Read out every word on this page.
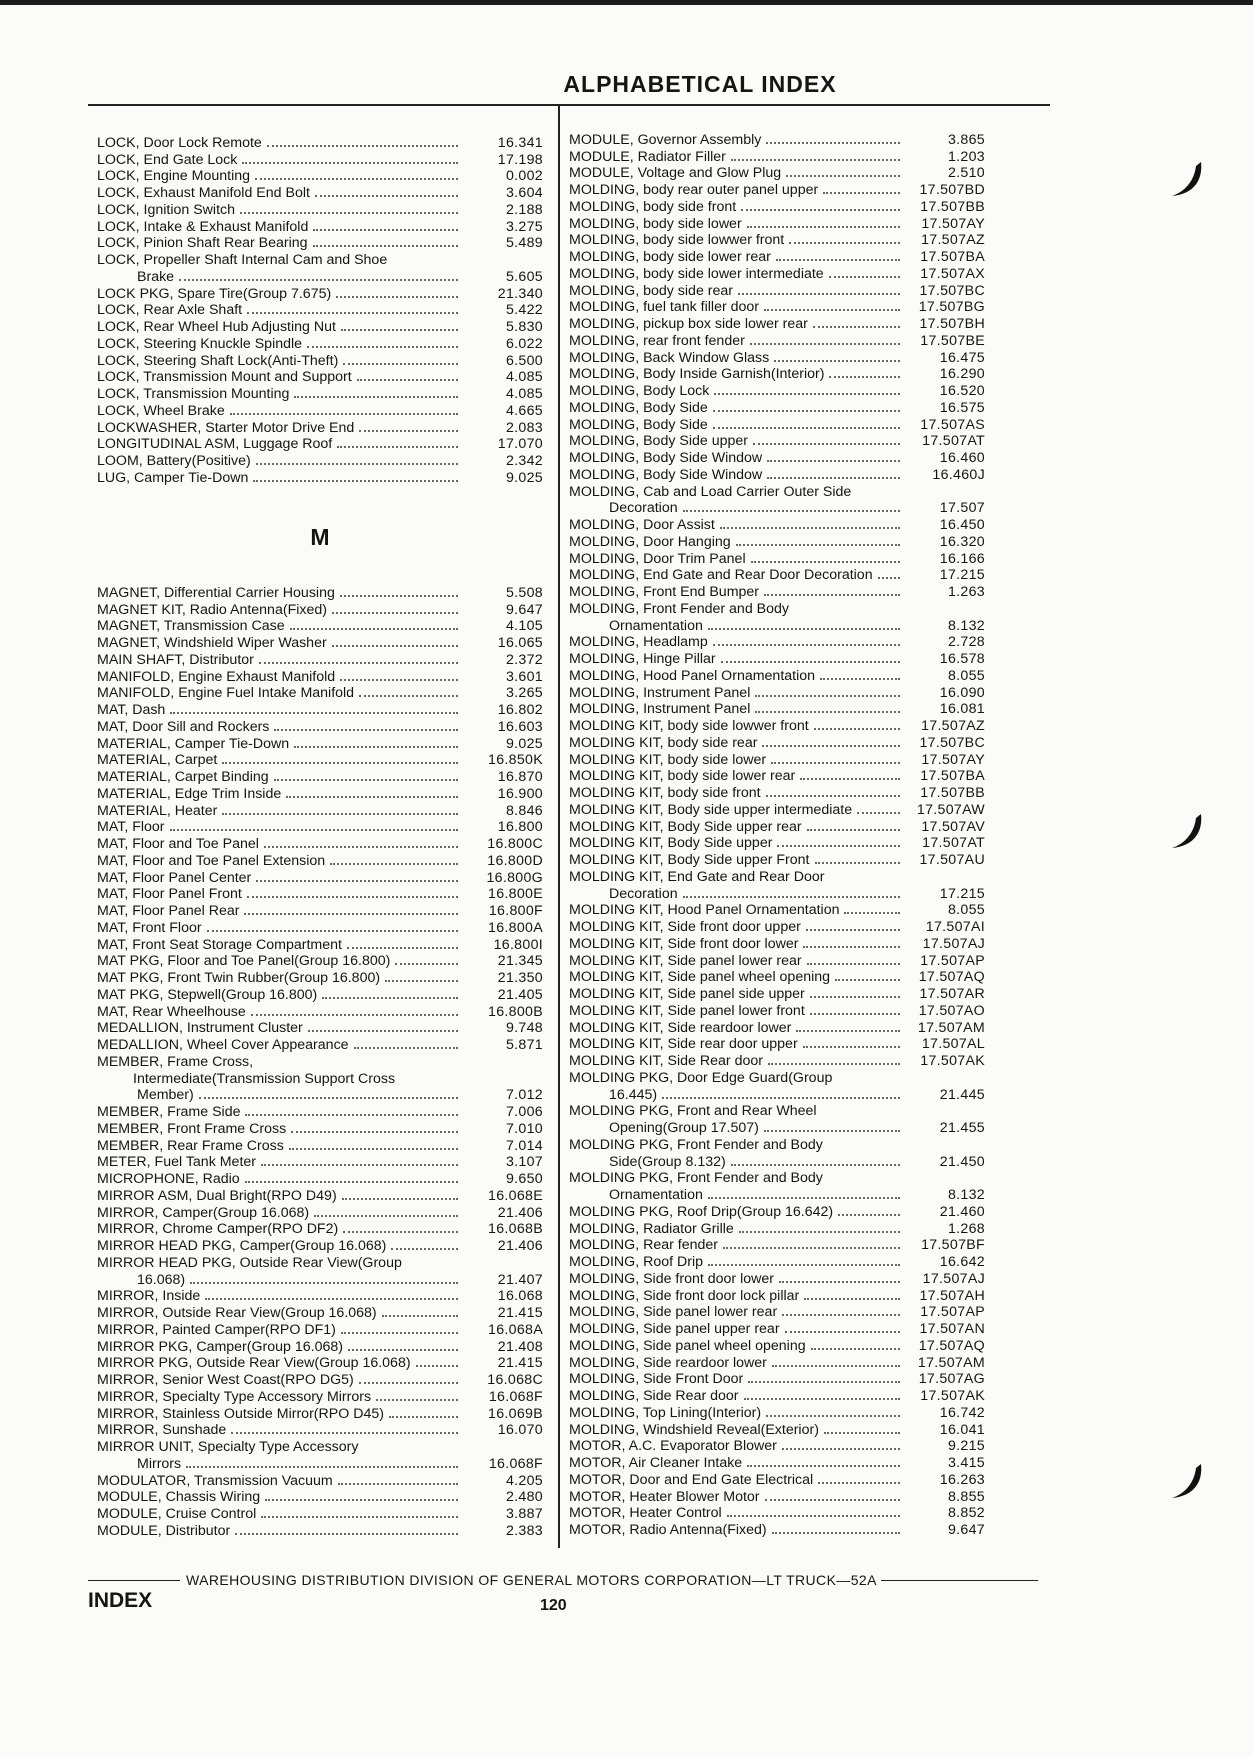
ALPHABETICAL INDEX
LOCK, Door Lock Remote	16.341
LOCK, End Gate Lock	17.198
LOCK, Engine Mounting	0.002
LOCK, Exhaust Manifold End Bolt	3.604
LOCK, Ignition Switch	2.188
LOCK, Intake & Exhaust Manifold	3.275
LOCK, Pinion Shaft Rear Bearing	5.489
LOCK, Propeller Shaft Internal Cam and Shoe
Brake	5.605
LOCK PKG, Spare Tire(Group 7.675)	21.340
LOCK, Rear Axle Shaft	5.422
LOCK, Rear Wheel Hub Adjusting Nut	5.830
LOCK, Steering Knuckle Spindle	6.022
LOCK, Steering Shaft Lock(Anti-Theft)	6.500
LOCK, Transmission Mount and Support	4.085
LOCK, Transmission Mounting	4.085
LOCK, Wheel Brake	4.665
LOCKWASHER, Starter Motor Drive End	2.083
LONGITUDINAL ASM, Luggage Roof	17.070
LOOM, Battery(Positive)	2.342
LUG, Camper Tie-Down	9.025
M
MAGNET, Differential Carrier Housing	5.508
MAGNET KIT, Radio Antenna(Fixed)	9.647
MAGNET, Transmission Case	4.105
MAGNET, Windshield Wiper Washer	16.065
MAIN SHAFT, Distributor	2.372
MANIFOLD, Engine Exhaust Manifold	3.601
MANIFOLD, Engine Fuel Intake Manifold	3.265
MAT, Dash	16.802
MAT, Door Sill and Rockers	16.603
MATERIAL, Camper Tie-Down	9.025
MATERIAL, Carpet	16.850K
MATERIAL, Carpet Binding	16.870
MATERIAL, Edge Trim Inside	16.900
MATERIAL, Heater	8.846
MAT, Floor	16.800
MAT, Floor and Toe Panel	16.800C
MAT, Floor and Toe Panel Extension	16.800D
MAT, Floor Panel Center	16.800G
MAT, Floor Panel Front	16.800E
MAT, Floor Panel Rear	16.800F
MAT, Front Floor	16.800A
MAT, Front Seat Storage Compartment	16.800I
MAT PKG, Floor and Toe Panel(Group 16.800)	21.345
MAT PKG, Front Twin Rubber(Group 16.800)	21.350
MAT PKG, Stepwell(Group 16.800)	21.405
MAT, Rear Wheelhouse	16.800B
MEDALLION, Instrument Cluster	9.748
MEDALLION, Wheel Cover Appearance	5.871
MEMBER, Frame Cross,
Intermediate(Transmission Support Cross
Member)	7.012
MEMBER, Frame Side	7.006
MEMBER, Front Frame Cross	7.010
MEMBER, Rear Frame Cross	7.014
METER, Fuel Tank Meter	3.107
MICROPHONE, Radio	9.650
MIRROR ASM, Dual Bright(RPO D49)	16.068E
MIRROR, Camper(Group 16.068)	21.406
MIRROR, Chrome Camper(RPO DF2)	16.068B
MIRROR HEAD PKG, Camper(Group 16.068)	21.406
MIRROR HEAD PKG, Outside Rear View(Group
16.068)	21.407
MIRROR, Inside	16.068
MIRROR, Outside Rear View(Group 16.068)	21.415
MIRROR, Painted Camper(RPO DF1)	16.068A
MIRROR PKG, Camper(Group 16.068)	21.408
MIRROR PKG, Outside Rear View(Group 16.068)	21.415
MIRROR, Senior West Coast(RPO DG5)	16.068C
MIRROR, Specialty Type Accessory Mirrors	16.068F
MIRROR, Stainless Outside Mirror(RPO D45)	16.069B
MIRROR, Sunshade	16.070
MIRROR UNIT, Specialty Type Accessory
Mirrors	16.068F
MODULATOR, Transmission Vacuum	4.205
MODULE, Chassis Wiring	2.480
MODULE, Cruise Control	3.887
MODULE, Distributor	2.383
MODULE, Governor Assembly	3.865
MODULE, Radiator Filler	1.203
MODULE, Voltage and Glow Plug	2.510
MOLDING, body rear outer panel upper	17.507BD
MOLDING, body side front	17.507BB
MOLDING, body side lower	17.507AY
MOLDING, body side lowwer front	17.507AZ
MOLDING, body side lower rear	17.507BA
MOLDING, body side lower intermediate	17.507AX
MOLDING, body side rear	17.507BC
MOLDING, fuel tank filler door	17.507BG
MOLDING, pickup box side lower rear	17.507BH
MOLDING, rear front fender	17.507BE
MOLDING, Back Window Glass	16.475
MOLDING, Body Inside Garnish(Interior)	16.290
MOLDING, Body Lock	16.520
MOLDING, Body Side	16.575
MOLDING, Body Side	17.507AS
MOLDING, Body Side upper	17.507AT
MOLDING, Body Side Window	16.460
MOLDING, Body Side Window	16.460J
MOLDING, Cab and Load Carrier Outer Side
Decoration	17.507
MOLDING, Door Assist	16.450
MOLDING, Door Hanging	16.320
MOLDING, Door Trim Panel	16.166
MOLDING, End Gate and Rear Door Decoration	17.215
MOLDING, Front End Bumper	1.263
MOLDING, Front Fender and Body
Ornamentation	8.132
MOLDING, Headlamp	2.728
MOLDING, Hinge Pillar	16.578
MOLDING, Hood Panel Ornamentation	8.055
MOLDING, Instrument Panel	16.090
MOLDING, Instrument Panel	16.081
MOLDING KIT, body side lowwer front	17.507AZ
MOLDING KIT, body side rear	17.507BC
MOLDING KIT, body side lower	17.507AY
MOLDING KIT, body side lower rear	17.507BA
MOLDING KIT, body side front	17.507BB
MOLDING KIT, Body side upper intermediate	17.507AW
MOLDING KIT, Body Side upper rear	17.507AV
MOLDING KIT, Body Side upper	17.507AT
MOLDING KIT, Body Side upper Front	17.507AU
MOLDING KIT, End Gate and Rear Door
Decoration	17.215
MOLDING KIT, Hood Panel Ornamentation	8.055
MOLDING KIT, Side front door upper	17.507AI
MOLDING KIT, Side front door lower	17.507AJ
MOLDING KIT, Side panel lower rear	17.507AP
MOLDING KIT, Side panel wheel opening	17.507AQ
MOLDING KIT, Side panel side upper	17.507AR
MOLDING KIT, Side panel lower front	17.507AO
MOLDING KIT, Side reardoor lower	17.507AM
MOLDING KIT, Side rear door upper	17.507AL
MOLDING KIT, Side Rear door	17.507AK
MOLDING PKG, Door Edge Guard(Group
16.445)	21.445
MOLDING PKG, Front and Rear Wheel
Opening(Group 17.507)	21.455
MOLDING PKG, Front Fender and Body
Side(Group 8.132)	21.450
MOLDING PKG, Front Fender and Body
Ornamentation	8.132
MOLDING PKG, Roof Drip(Group 16.642)	21.460
MOLDING, Radiator Grille	1.268
MOLDING, Rear fender	17.507BF
MOLDING, Roof Drip	16.642
MOLDING, Side front door lower	17.507AJ
MOLDING, Side front door lock pillar	17.507AH
MOLDING, Side panel lower rear	17.507AP
MOLDING, Side panel upper rear	17.507AN
MOLDING, Side panel wheel opening	17.507AQ
MOLDING, Side reardoor lower	17.507AM
MOLDING, Side Front Door	17.507AG
MOLDING, Side Rear door	17.507AK
MOLDING, Top Lining(Interior)	16.742
MOLDING, Windshield Reveal(Exterior)	16.041
MOTOR, A.C. Evaporator Blower	9.215
MOTOR, Air Cleaner Intake	3.415
MOTOR, Door and End Gate Electrical	16.263
MOTOR, Heater Blower Motor	8.855
MOTOR, Heater Control	8.852
MOTOR, Radio Antenna(Fixed)	9.647
WAREHOUSING DISTRIBUTION DIVISION OF GENERAL MOTORS CORPORATION—LT TRUCK—52A
INDEX	120
